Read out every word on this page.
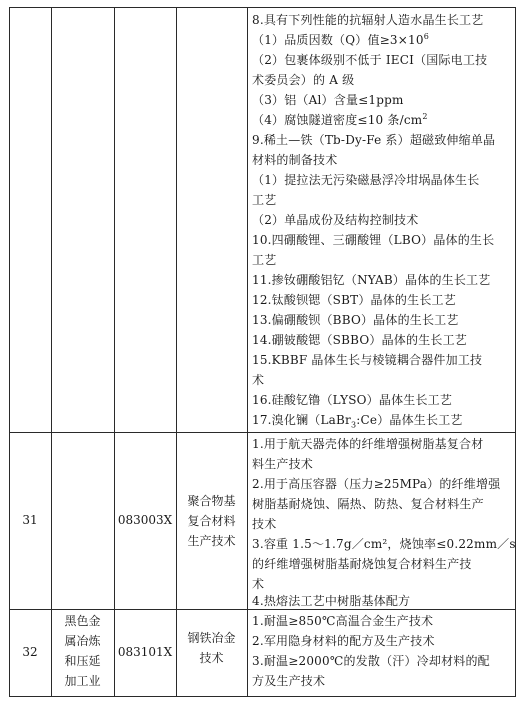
8.具有下列性能的抗辐射人造水晶生长工艺
（1）品质因数（Q）值$\ge 3\times 10^6$
（2）包裹体级别不低于 IECI（国际电工技
术委员会）的 A 级
（3）铝（Al）含量≤1ppm
（4）腐蚀隧道密度≤10 条$/cm^2$
9.稀土—铁（Tb-Dy-Fe 系）超磁致伸缩单晶
材料的制备技术
（1）提拉法无污染磁悬浮冷坩埚晶体生长
工艺
（2）单晶成份及结构控制技术
10.四硼酸锂、三硼酸锂（LBO）晶体的生长
工艺
11.掺钕硼酸铝钇（NYAB）晶体的生长工艺
12.钛酸钡锶（SBT）晶体的生长工艺
13.偏硼酸钡（BBO）晶体的生长工艺
14.硼铍酸锶（SBBO）晶体的生长工艺
15.KBBF 晶体生长与棱镜耦合器件加工技
术
16.硅酸钇镥（LYSO）晶体生长工艺
17.溴化镧（LaBr$_3$:Ce）晶体生长工艺
31	083003X
聚合物基
复合材料
生产技术
1.用于航天器壳体的纤维增强树脂基复合材
料生产技术
2.用于高压容器（压力≥25MPa）的纤维增强
树脂基耐烧蚀、隔热、防热、复合材料生产
技术
3.容重 1.5～1.7g／cm²，烧蚀率≤0.22mm／s
的纤维增强树脂基耐烧蚀复合材料生产技
术
4.热熔法工艺中树脂基体配方
32
黑色金
属冶炼
和压延
加工业
083101X
钢铁冶金
技术
1.耐温≥850℃高温合金生产技术
2.军用隐身材料的配方及生产技术
3.耐温≥2000℃的发散（汗）冷却材料的配
方及生产技术
